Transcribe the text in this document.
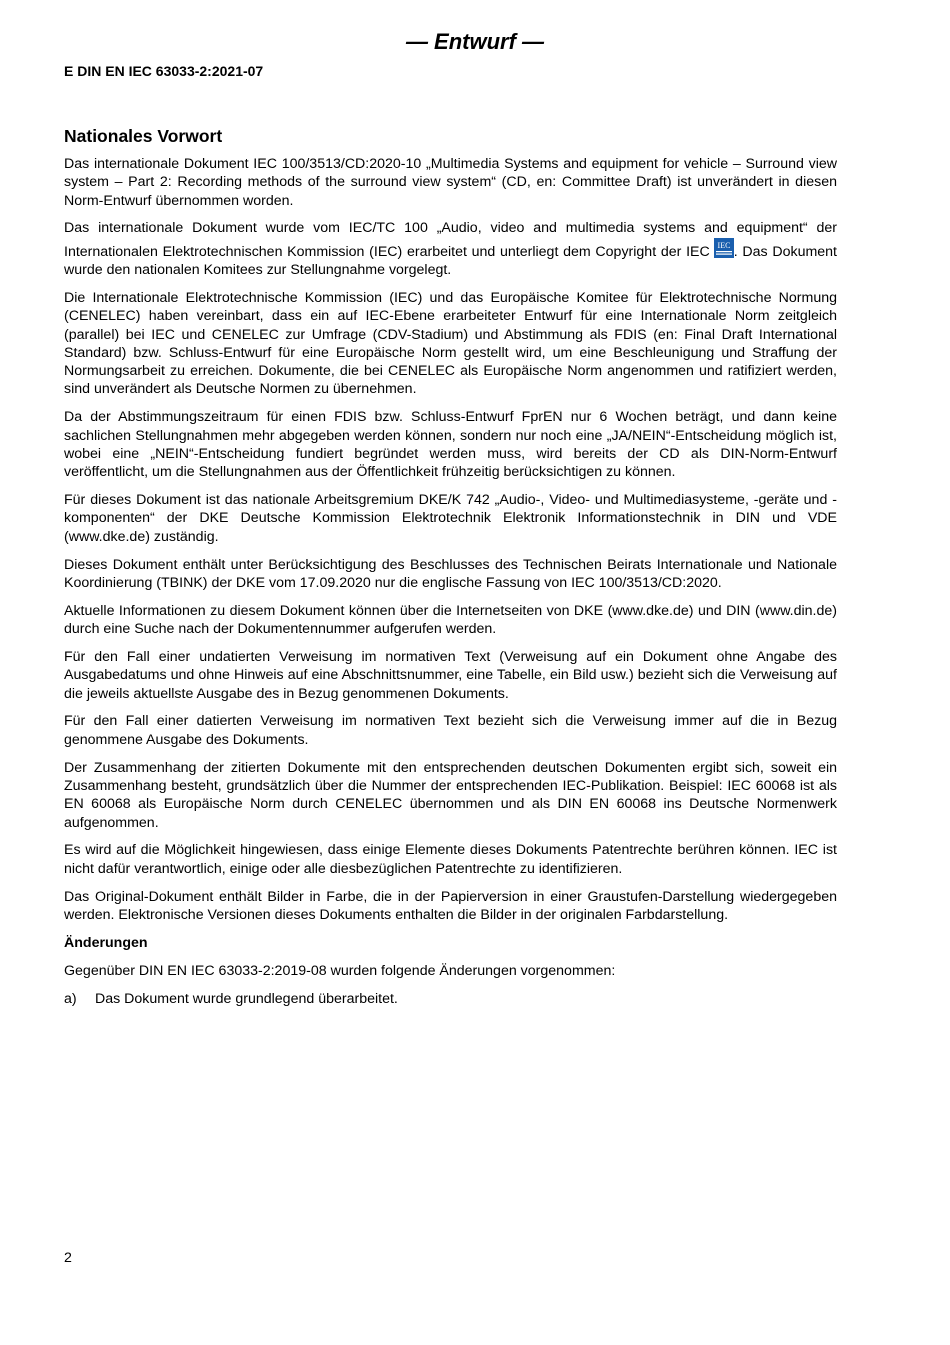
— Entwurf —
E DIN EN IEC 63033-2:2021-07
Nationales Vorwort

Das internationale Dokument IEC 100/3513/CD:2020-10 „Multimedia Systems and equipment for vehicle – Surround view system – Part 2: Recording methods of the surround view system“ (CD, en: Committee Draft) ist unverändert in diesen Norm-Entwurf übernommen worden.

Das internationale Dokument wurde vom IEC/TC 100 „Audio, video and multimedia systems and equipment“ der Internationalen Elektrotechnischen Kommission (IEC) erarbeitet und unterliegt dem Copyright der IEC IEC . Das Dokument wurde den nationalen Komitees zur Stellungnahme vorgelegt.

Die Internationale Elektrotechnische Kommission (IEC) und das Europäische Komitee für Elektrotechnische Normung (CENELEC) haben vereinbart, dass ein auf IEC-Ebene erarbeiteter Entwurf für eine Internationale Norm zeitgleich (parallel) bei IEC und CENELEC zur Umfrage (CDV-Stadium) und Abstimmung als FDIS (en: Final Draft International Standard) bzw. Schluss-Entwurf für eine Europäische Norm gestellt wird, um eine Beschleunigung und Straffung der Normungsarbeit zu erreichen. Dokumente, die bei CENELEC als Europäische Norm angenommen und ratifiziert werden, sind unverändert als Deutsche Normen zu übernehmen.

Da der Abstimmungszeitraum für einen FDIS bzw. Schluss-Entwurf FprEN nur 6 Wochen beträgt, und dann keine sachlichen Stellungnahmen mehr abgegeben werden können, sondern nur noch eine „JA/NEIN“-Entscheidung möglich ist, wobei eine „NEIN“-Entscheidung fundiert begründet werden muss, wird bereits der CD als DIN-Norm-Entwurf veröffentlicht, um die Stellungnahmen aus der Öffentlichkeit frühzeitig berücksichtigen zu können.

Für dieses Dokument ist das nationale Arbeitsgremium DKE/K 742 „Audio-, Video- und Multimediasysteme, -geräte und -komponenten“ der DKE Deutsche Kommission Elektrotechnik Elektronik Informationstechnik in DIN und VDE (www.dke.de) zuständig.

Dieses Dokument enthält unter Berücksichtigung des Beschlusses des Technischen Beirats Internationale und Nationale Koordinierung (TBINK) der DKE vom 17.09.2020 nur die englische Fassung von IEC 100/3513/CD:2020.

Aktuelle Informationen zu diesem Dokument können über die Internetseiten von DKE (www.dke.de) und DIN (www.din.de) durch eine Suche nach der Dokumentennummer aufgerufen werden.

Für den Fall einer undatierten Verweisung im normativen Text (Verweisung auf ein Dokument ohne Angabe des Ausgabedatums und ohne Hinweis auf eine Abschnittsnummer, eine Tabelle, ein Bild usw.) bezieht sich die Verweisung auf die jeweils aktuellste Ausgabe des in Bezug genommenen Dokuments.

Für den Fall einer datierten Verweisung im normativen Text bezieht sich die Verweisung immer auf die in Bezug genommene Ausgabe des Dokuments.

Der Zusammenhang der zitierten Dokumente mit den entsprechenden deutschen Dokumenten ergibt sich, soweit ein Zusammenhang besteht, grundsätzlich über die Nummer der entsprechenden IEC-Publikation. Beispiel: IEC 60068 ist als EN 60068 als Europäische Norm durch CENELEC übernommen und als DIN EN 60068 ins Deutsche Normenwerk aufgenommen.

Es wird auf die Möglichkeit hingewiesen, dass einige Elemente dieses Dokuments Patentrechte berühren können. IEC ist nicht dafür verantwortlich, einige oder alle diesbezüglichen Patentrechte zu identifizieren.

Das Original-Dokument enthält Bilder in Farbe, die in der Papierversion in einer Graustufen-Darstellung wiedergegeben werden. Elektronische Versionen dieses Dokuments enthalten die Bilder in der originalen Farbdarstellung.

Änderungen

Gegenüber DIN EN IEC 63033-2:2019-08 wurden folgende Änderungen vorgenommen:

a)	Das Dokument wurde grundlegend überarbeitet.
2
